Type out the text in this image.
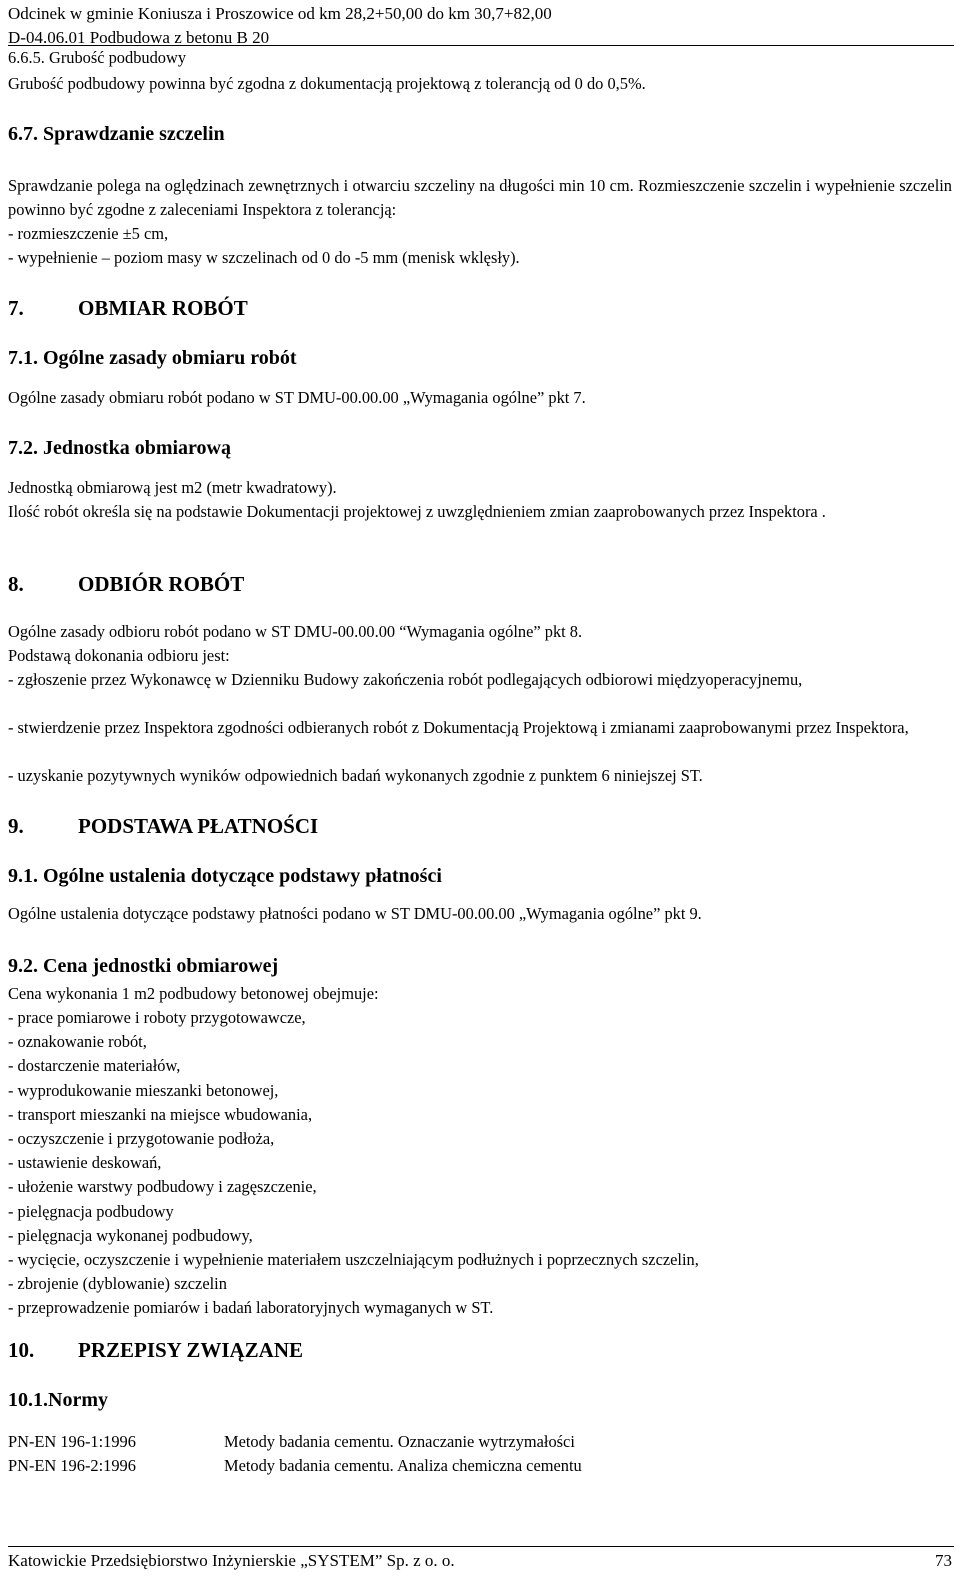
Odcinek w gminie Koniusza i Proszowice od km 28,2+50,00 do km 30,7+82,00
D-04.06.01 Podbudowa z betonu B 20
6.6.5. Grubość podbudowy
Grubość podbudowy powinna być zgodna z dokumentacją projektową z tolerancją od 0 do 0,5%.
6.7. Sprawdzanie szczelin
Sprawdzanie polega na oględzinach zewnętrznych i otwarciu szczeliny na długości min 10 cm. Rozmieszczenie szczelin i wypełnienie szczelin powinno być zgodne z zaleceniami Inspektora z tolerancją:
- rozmieszczenie ±5 cm,
- wypełnienie – poziom masy w szczelinach od 0 do -5 mm (menisk wklęsły).
7.	OBMIAR ROBÓT
7.1. Ogólne zasady obmiaru robót
Ogólne zasady obmiaru robót podano w ST DMU-00.00.00 „Wymagania ogólne” pkt 7.
7.2. Jednostka obmiarową
Jednostką obmiarową jest m2 (metr kwadratowy).
Ilość robót określa się na podstawie Dokumentacji projektowej z uwzględnieniem zmian zaaprobowanych przez Inspektora .
8.	ODBIÓR ROBÓT
Ogólne zasady odbioru robót podano w ST DMU-00.00.00 “Wymagania ogólne” pkt 8.
Podstawą dokonania odbioru jest:
- zgłoszenie przez Wykonawcę w Dzienniku Budowy zakończenia robót podlegających odbiorowi międzyoperacyjnemu,
- stwierdzenie przez Inspektora zgodności odbieranych robót z Dokumentacją Projektową i zmianami zaaprobowanymi przez Inspektora,
- uzyskanie pozytywnych wyników odpowiednich badań wykonanych zgodnie z punktem 6 niniejszej ST.
9.	PODSTAWA PŁATNOŚCI
9.1. Ogólne ustalenia dotyczące podstawy płatności
Ogólne ustalenia dotyczące podstawy płatności podano w ST DMU-00.00.00 „Wymagania ogólne” pkt 9.
9.2. Cena jednostki obmiarowej
Cena wykonania 1 m2 podbudowy betonowej obejmuje:
- prace pomiarowe i roboty przygotowawcze,
- oznakowanie robót,
- dostarczenie materiałów,
- wyprodukowanie mieszanki betonowej,
- transport mieszanki na miejsce wbudowania,
- oczyszczenie i przygotowanie podłoża,
- ustawienie deskowań,
- ułożenie warstwy podbudowy i zagęszczenie,
- pielęgnacja podbudowy
- pielęgnacja wykonanej podbudowy,
- wycięcie, oczyszczenie i wypełnienie materiałem uszczelniającym podłużnych i poprzecznych szczelin,
- zbrojenie (dyblowanie) szczelin
- przeprowadzenie pomiarów i badań laboratoryjnych wymaganych w ST.
10. PRZEPISY ZWIĄZANE
10.1.Normy
PN-EN 196-1:1996	Metody badania cementu. Oznaczanie wytrzymałości
PN-EN 196-2:1996	Metody badania cementu. Analiza chemiczna cementu
Katowickie Przedsiębiorstwo Inżynierskie „SYSTEM” Sp. z o. o.	73
